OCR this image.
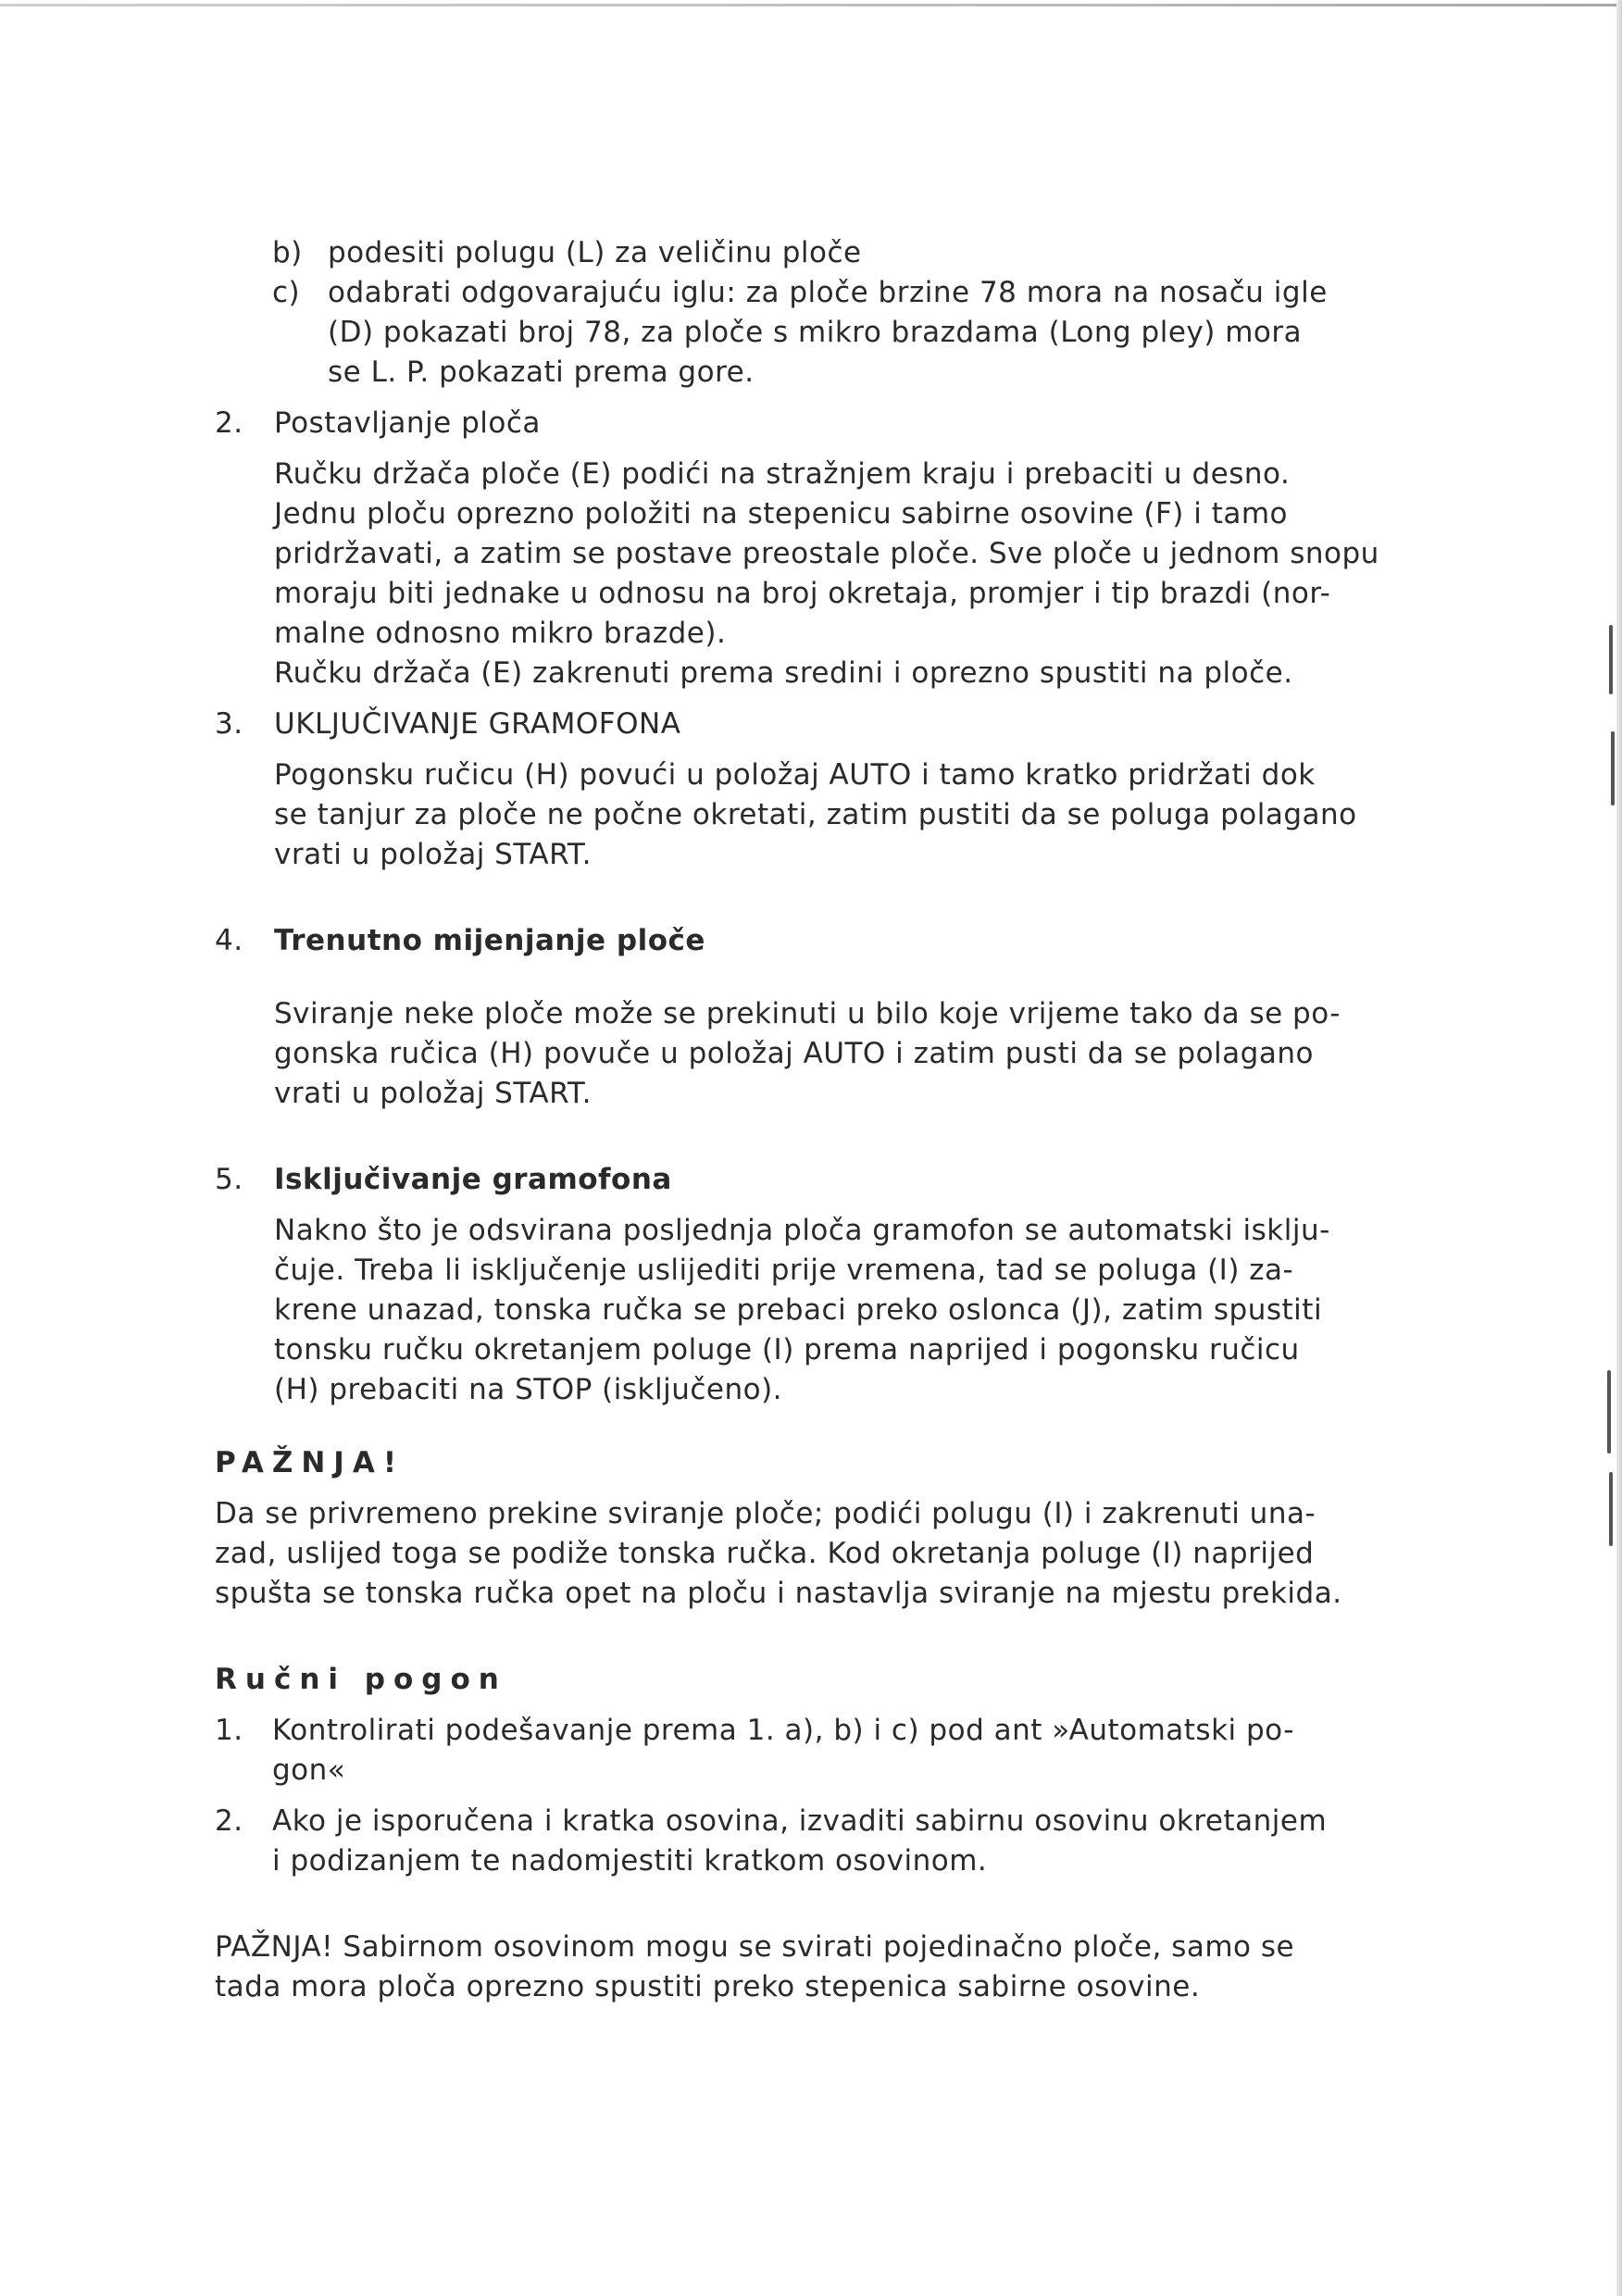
b) podesiti polugu (L) za veličinu ploče
c) odabrati odgovarajuću iglu: za ploče brzine 78 mora na nosaču igle
(D) pokazati broj 78, za ploče s mikro brazdama (Long pley) mora
se L. P. pokazati prema gore.
2. Postavljanje ploča
Ručku držača ploče (E) podići na stražnjem kraju i prebaciti u desno.
Jednu ploču oprezno položiti na stepenicu sabirne osovine (F) i tamo
pridržavati, a zatim se postave preostale ploče. Sve ploče u jednom snopu
moraju biti jednake u odnosu na broj okretaja, promjer i tip brazdi (nor-
malne odnosno mikro brazde).
Ručku držača (E) zakrenuti prema sredini i oprezno spustiti na ploče.
3. UKLJUČIVANJE GRAMOFONA
Pogonsku ručicu (H) povući u položaj AUTO i tamo kratko pridržati dok
se tanjur za ploče ne počne okretati, zatim pustiti da se poluga polagano
vrati u položaj START.
4. Trenutno mijenjanje ploče
Sviranje neke ploče može se prekinuti u bilo koje vrijeme tako da se po-
gonska ručica (H) povuče u položaj AUTO i zatim pusti da se polagano
vrati u položaj START.
5. Isključivanje gramofona
Nakno što je odsvirana posljednja ploča gramofon se automatski isklju-
čuje. Treba li isključenje uslijediti prije vremena, tad se poluga (I) za-
krene unazad, tonska ručka se prebaci preko oslonca (J), zatim spustiti
tonsku ručku okretanjem poluge (I) prema naprijed i pogonsku ručicu
(H) prebaciti na STOP (isključeno).
PAŽNJA!
Da se privremeno prekine sviranje ploče; podići polugu (I) i zakrenuti una-
zad, uslijed toga se podiže tonska ručka. Kod okretanja poluge (I) naprijed
spušta se tonska ručka opet na ploču i nastavlja sviranje na mjestu prekida.
Ručni pogon
1. Kontrolirati podešavanje prema 1. a), b) i c) pod ant »Automatski po-
gon«
2. Ako je isporučena i kratka osovina, izvaditi sabirnu osovinu okretanjem
i podizanjem te nadomjestiti kratkom osovinom.
PAŽNJA! Sabirnom osovinom mogu se svirati pojedinačno ploče, samo se
tada mora ploča oprezno spustiti preko stepenica sabirne osovine.
